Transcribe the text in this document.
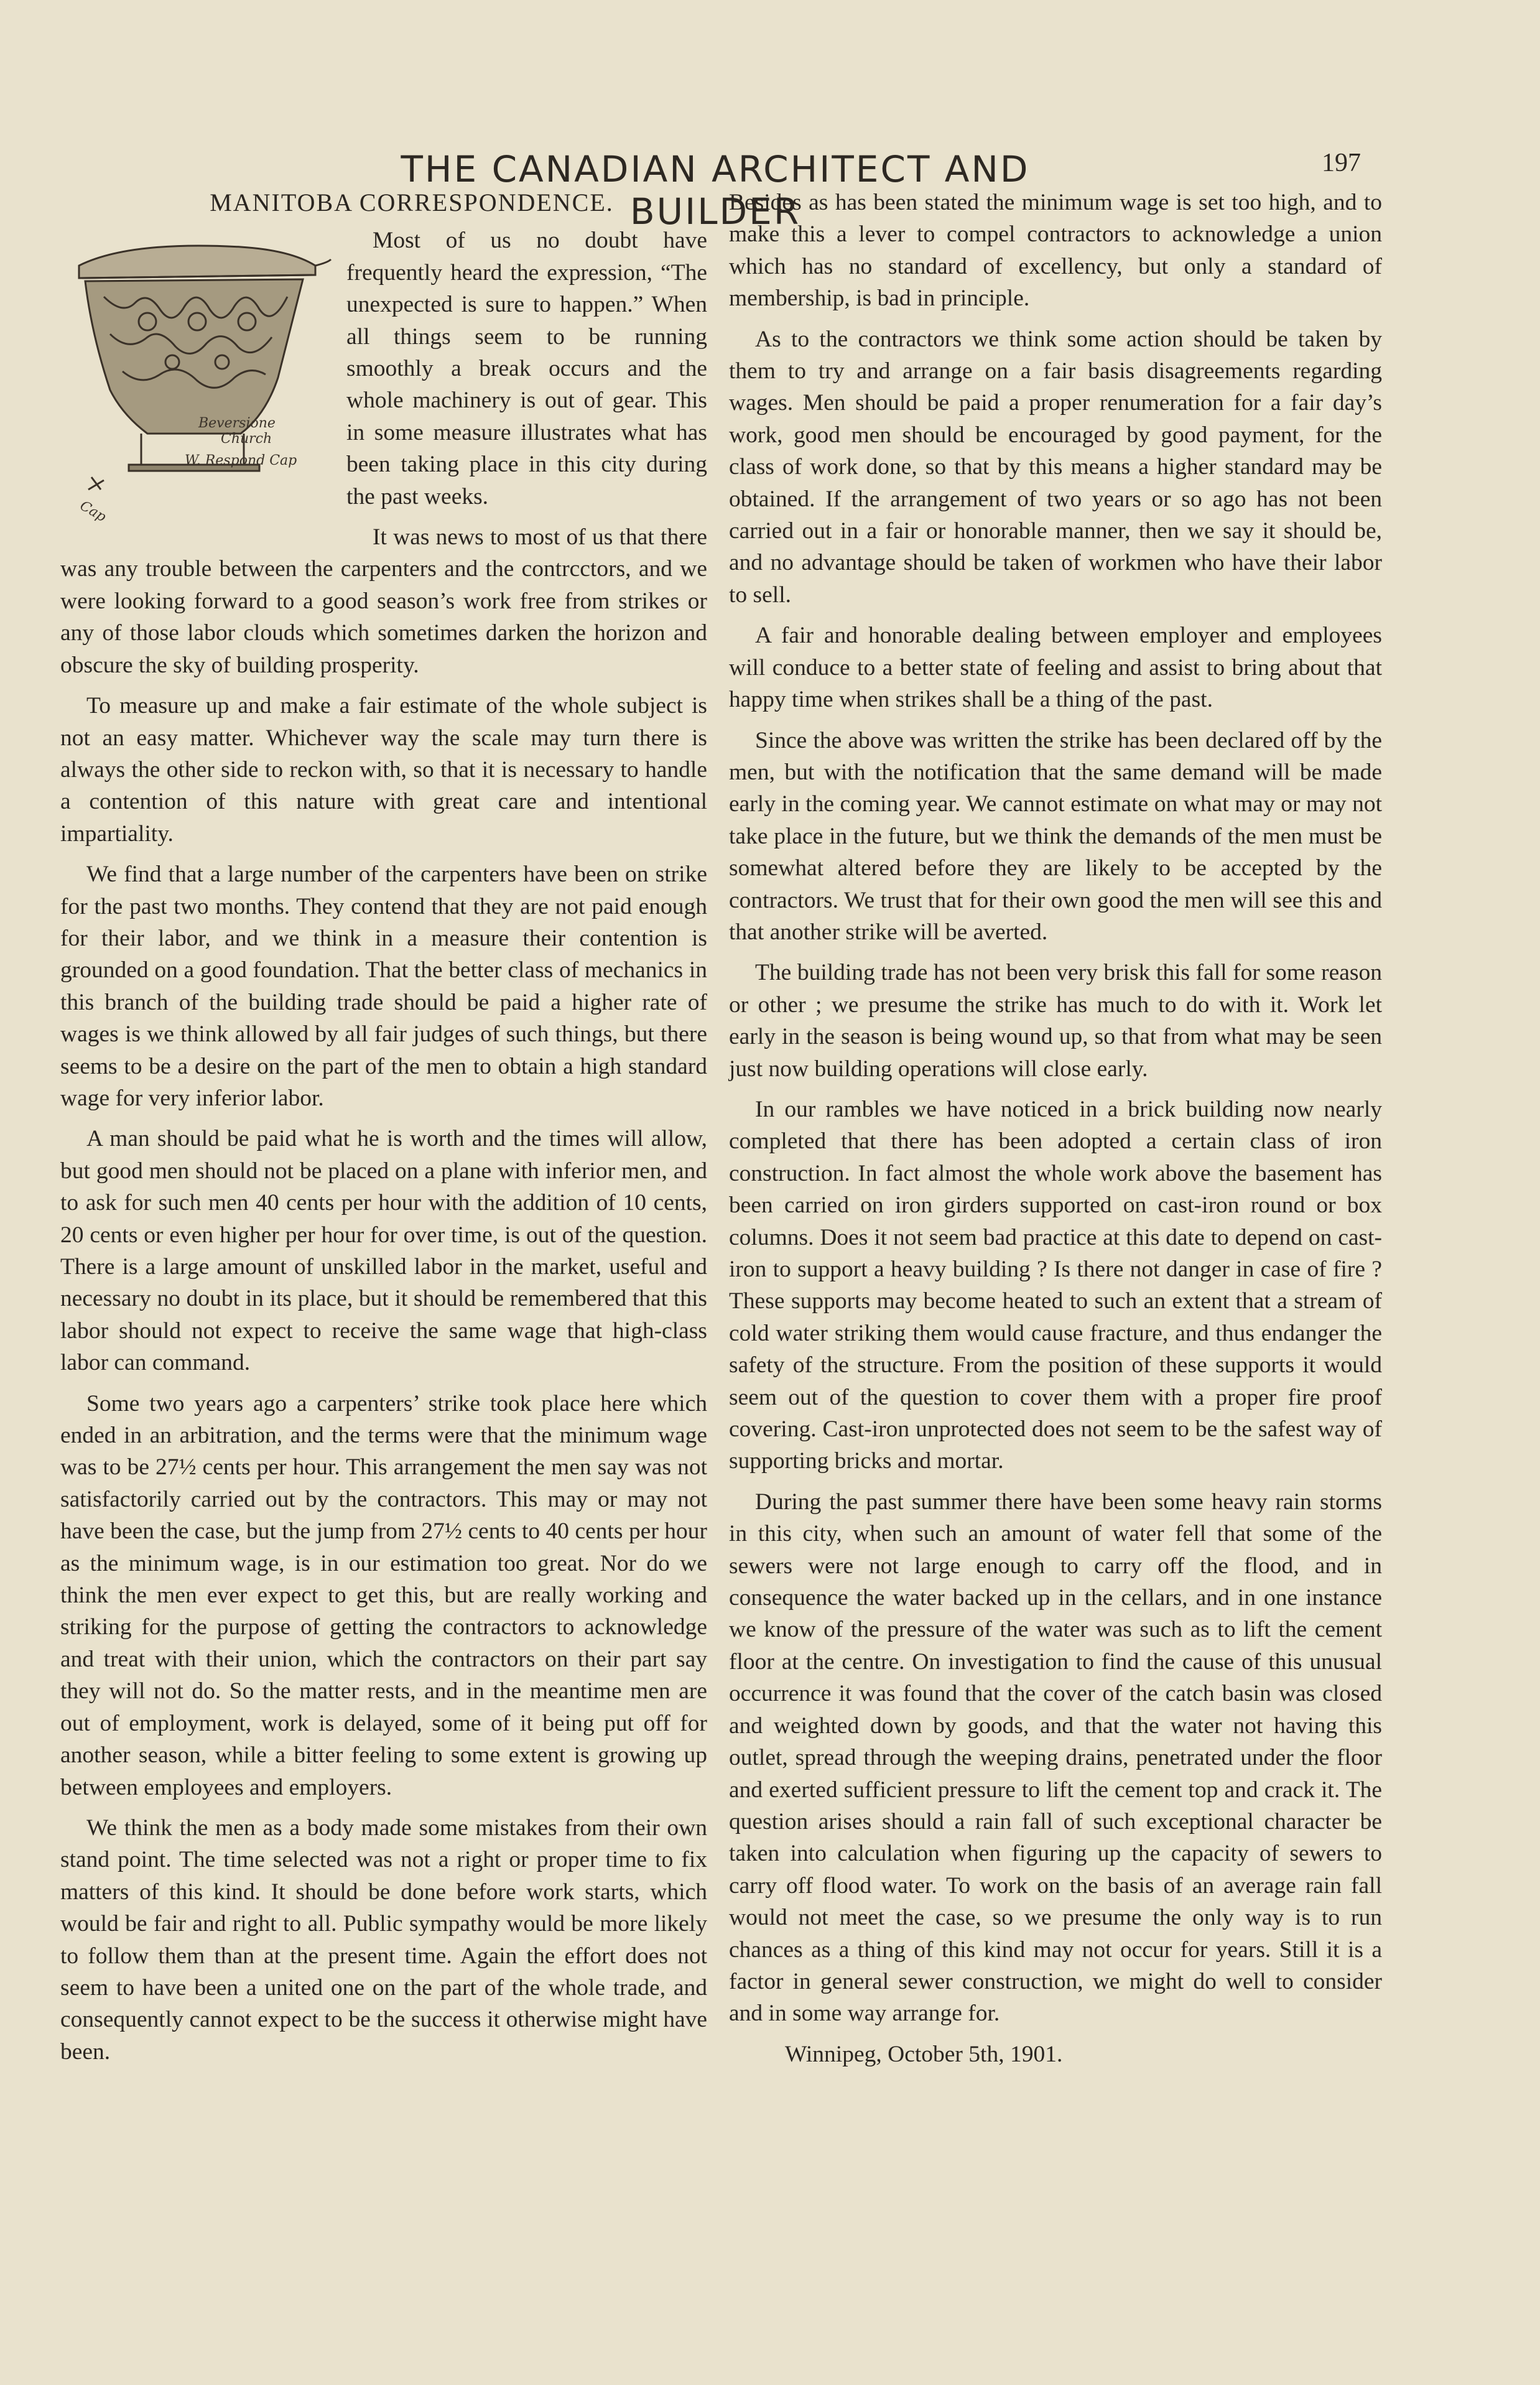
THE CANADIAN ARCHITECT AND BUILDER
197
MANITOBA CORRESPONDENCE.
Beversione
Church
W. Respond Cap
Cap

Most of us no doubt have frequently heard the expression, “The unexpected is sure to happen.” When all things seem to be running smoothly a break occurs and the whole machinery is out of gear. This in some measure illustrates what has been taking place in this city during the past weeks.

It was news to most of us that there was any trouble between the carpenters and the contrcctors, and we were looking forward to a good season’s work free from strikes or any of those labor clouds which sometimes darken the horizon and obscure the sky of building prosperity.

To measure up and make a fair estimate of the whole subject is not an easy matter. Whichever way the scale may turn there is always the other side to reckon with, so that it is necessary to handle a contention of this nature with great care and intentional impartiality.

We find that a large number of the carpenters have been on strike for the past two months. They contend that they are not paid enough for their labor, and we think in a measure their contention is grounded on a good foundation. That the better class of mechanics in this branch of the building trade should be paid a higher rate of wages is we think allowed by all fair judges of such things, but there seems to be a desire on the part of the men to obtain a high standard wage for very inferior labor.

A man should be paid what he is worth and the times will allow, but good men should not be placed on a plane with inferior men, and to ask for such men 40 cents per hour with the addition of 10 cents, 20 cents or even higher per hour for over time, is out of the question. There is a large amount of unskilled labor in the market, useful and necessary no doubt in its place, but it should be remembered that this labor should not expect to receive the same wage that high-class labor can command.

Some two years ago a carpenters’ strike took place here which ended in an arbitration, and the terms were that the minimum wage was to be 27½ cents per hour. This arrangement the men say was not satisfactorily carried out by the contractors. This may or may not have been the case, but the jump from 27½ cents to 40 cents per hour as the minimum wage, is in our estimation too great. Nor do we think the men ever expect to get this, but are really working and striking for the purpose of getting the contractors to acknowledge and treat with their union, which the contractors on their part say they will not do. So the matter rests, and in the meantime men are out of employment, work is delayed, some of it being put off for another season, while a bitter feeling to some extent is growing up between employees and employers.

We think the men as a body made some mistakes from their own stand point. The time selected was not a right or proper time to fix matters of this kind. It should be done before work starts, which would be fair and right to all. Public sympathy would be more likely to follow them than at the present time. Again the effort does not seem to have been a united one on the part of the whole trade, and consequently cannot expect to be the success it otherwise might have been.

Besides as has been stated the minimum wage is set too high, and to make this a lever to compel contractors to acknowledge a union which has no standard of excellency, but only a standard of membership, is bad in principle.

As to the contractors we think some action should be taken by them to try and arrange on a fair basis disagreements regarding wages. Men should be paid a proper renumeration for a fair day’s work, good men should be encouraged by good payment, for the class of work done, so that by this means a higher standard may be obtained. If the arrangement of two years or so ago has not been carried out in a fair or honorable manner, then we say it should be, and no advantage should be taken of workmen who have their labor to sell.

A fair and honorable dealing between employer and employees will conduce to a better state of feeling and assist to bring about that happy time when strikes shall be a thing of the past.

Since the above was written the strike has been declared off by the men, but with the notification that the same demand will be made early in the coming year. We cannot estimate on what may or may not take place in the future, but we think the demands of the men must be somewhat altered before they are likely to be accepted by the contractors. We trust that for their own good the men will see this and that another strike will be averted.

The building trade has not been very brisk this fall for some reason or other ; we presume the strike has much to do with it. Work let early in the season is being wound up, so that from what may be seen just now building operations will close early.

In our rambles we have noticed in a brick building now nearly completed that there has been adopted a certain class of iron construction. In fact almost the whole work above the basement has been carried on iron girders supported on cast-iron round or box columns. Does it not seem bad practice at this date to depend on cast-iron to support a heavy building ? Is there not danger in case of fire ? These supports may become heated to such an extent that a stream of cold water striking them would cause fracture, and thus endanger the safety of the structure. From the position of these supports it would seem out of the question to cover them with a proper fire proof covering. Cast-iron unprotected does not seem to be the safest way of supporting bricks and mortar.

During the past summer there have been some heavy rain storms in this city, when such an amount of water fell that some of the sewers were not large enough to carry off the flood, and in consequence the water backed up in the cellars, and in one instance we know of the pressure of the water was such as to lift the cement floor at the centre. On investigation to find the cause of this unusual occurrence it was found that the cover of the catch basin was closed and weighted down by goods, and that the water not having this outlet, spread through the weeping drains, penetrated under the floor and exerted sufficient pressure to lift the cement top and crack it. The question arises should a rain fall of such exceptional character be taken into calculation when figuring up the capacity of sewers to carry off flood water. To work on the basis of an average rain fall would not meet the case, so we presume the only way is to run chances as a thing of this kind may not occur for years. Still it is a factor in general sewer construction, we might do well to consider and in some way arrange for.

Winnipeg, October 5th, 1901.
